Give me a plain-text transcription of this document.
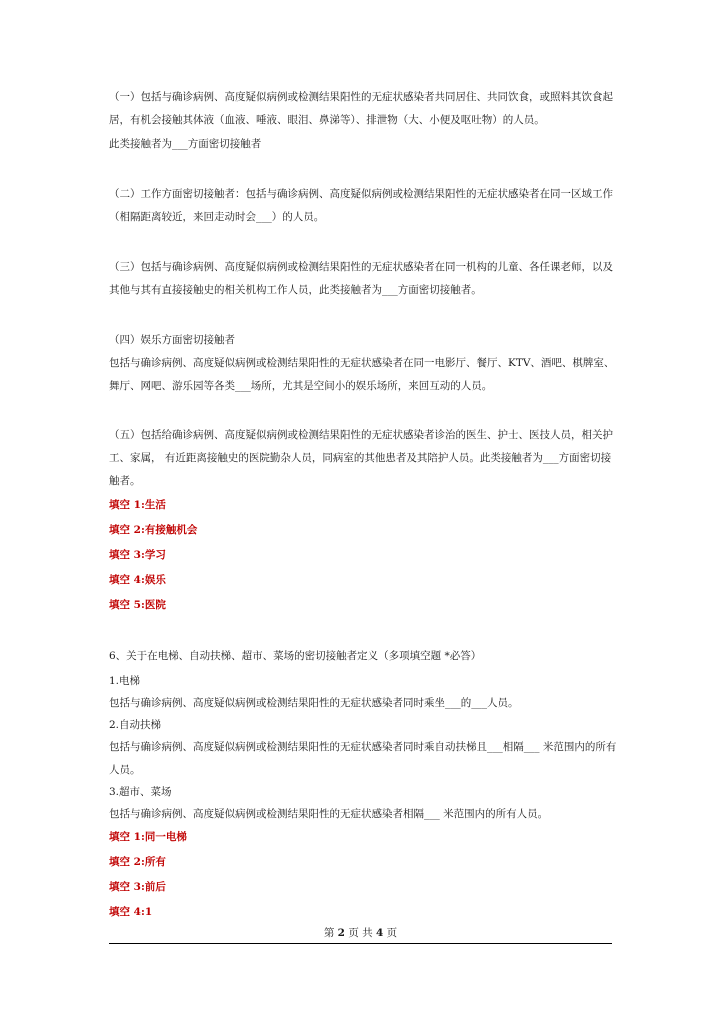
（一）包括与确诊病例、高度疑似病例或检测结果阳性的无症状感染者共同居住、共同饮食，或照料其饮食起居，有机会接触其体液（血液、唾液、眼泪、鼻涕等）、排泄物（大、小便及呕吐物）的人员。

此类接触者为___方面密切接触者

（二）工作方面密切接触者：包括与确诊病例、高度疑似病例或检测结果阳性的无症状感染者在同一区域工作（相隔距离较近，来回走动时会___）的人员。

（三）包括与确诊病例、高度疑似病例或检测结果阳性的无症状感染者在同一机构的儿童、各任课老师，以及其他与其有直接接触史的相关机构工作人员，此类接触者为___方面密切接触者。

（四）娱乐方面密切接触者

包括与确诊病例、高度疑似病例或检测结果阳性的无症状感染者在同一电影厅、餐厅、KTV、酒吧、棋牌室、舞厅、网吧、游乐园等各类___场所，尤其是空间小的娱乐场所，来回互动的人员。

（五）包括给确诊病例、高度疑似病例或检测结果阳性的无症状感染者诊治的医生、护士、医技人员，相关护工、家属， 有近距离接触史的医院勤杂人员，同病室的其他患者及其陪护人员。此类接触者为___方面密切接触者。

填空 1:生活

填空 2:有接触机会

填空 3:学习

填空 4:娱乐

填空 5:医院

6、关于在电梯、自动扶梯、超市、菜场的密切接触者定义（多项填空题 *必答）

1.电梯

包括与确诊病例、高度疑似病例或检测结果阳性的无症状感染者同时乘坐___的___人员。

2.自动扶梯

包括与确诊病例、高度疑似病例或检测结果阳性的无症状感染者同时乘自动扶梯且___相隔___ 米范围内的所有人员。

3.超市、菜场

包括与确诊病例、高度疑似病例或检测结果阳性的无症状感染者相隔___ 米范围内的所有人员。

填空 1:同一电梯

填空 2:所有

填空 3:前后

填空 4:1

第 2 页 共 4 页
